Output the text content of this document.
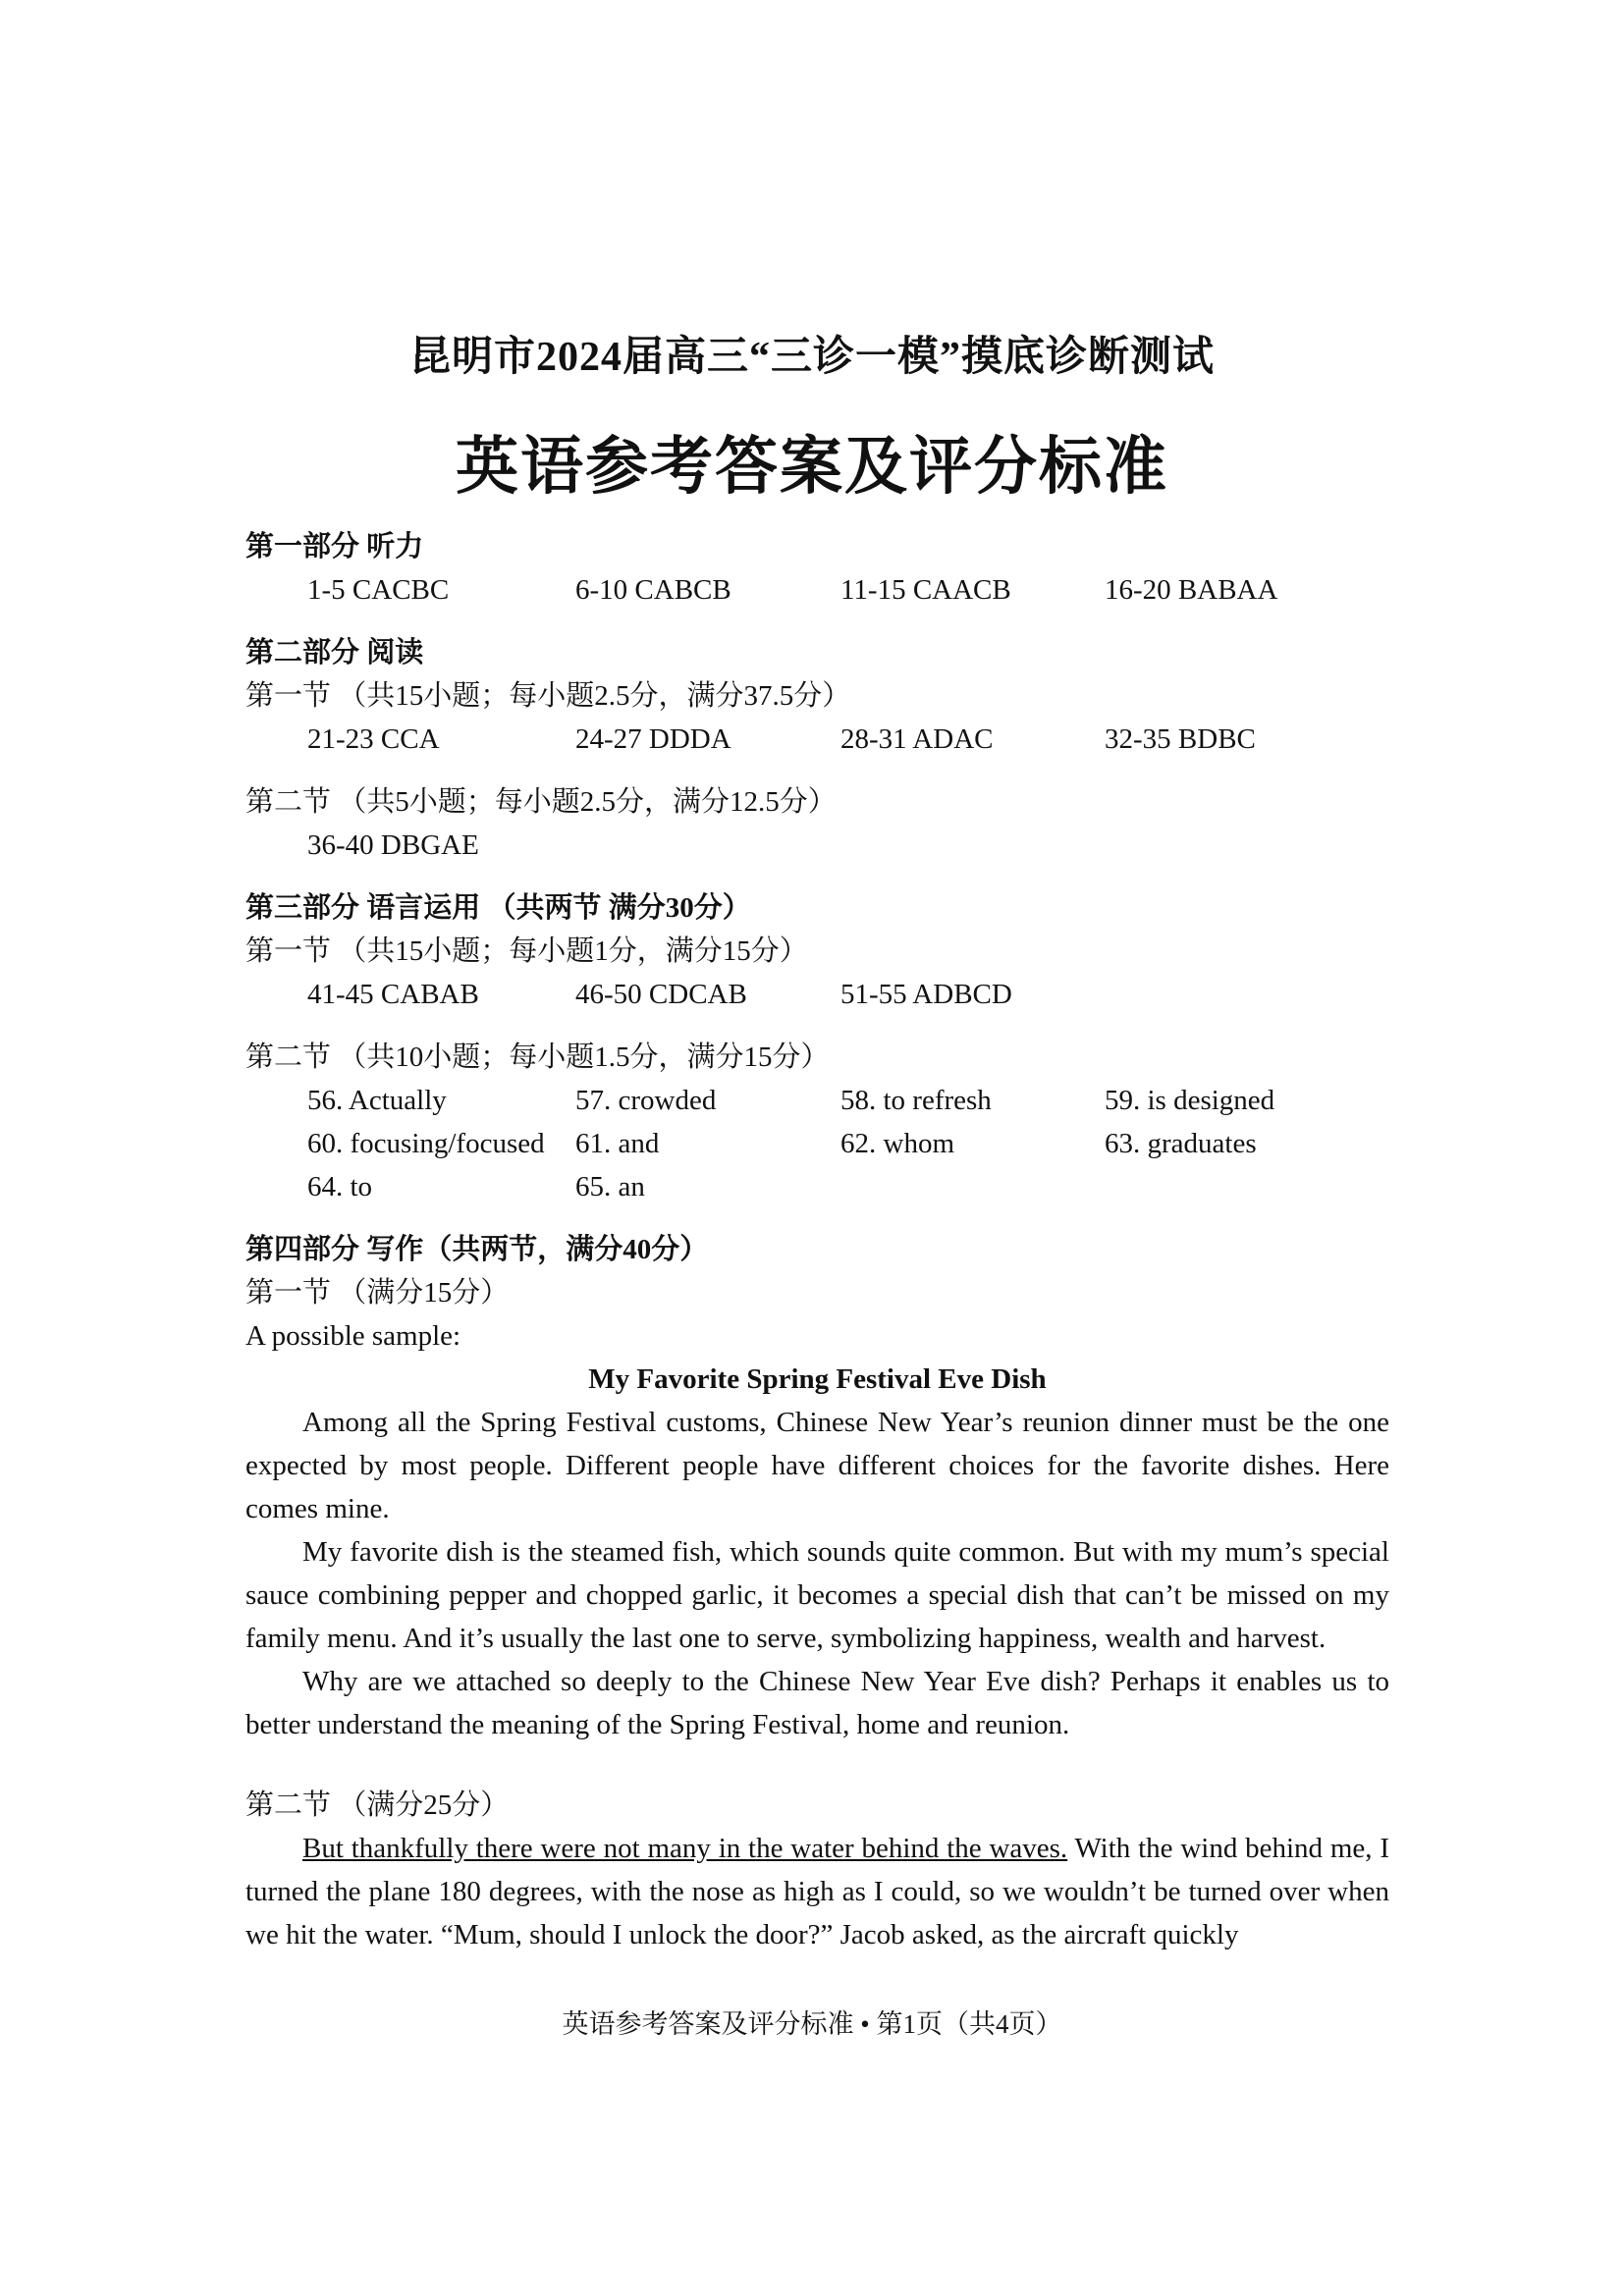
昆明市2024届高三“三诊一模”摸底诊断测试
英语参考答案及评分标准
第一部分 听力
1-5 CACBC	6-10 CABCB	11-15 CAACB	16-20 BABAA
第二部分 阅读
第一节 （共15小题；每小题2.5分，满分37.5分）
21-23 CCA	24-27 DDDA	28-31 ADAC	32-35 BDBC
第二节 （共5小题；每小题2.5分，满分12.5分）
36-40 DBGAE
第三部分 语言运用 （共两节 满分30分）
第一节 （共15小题；每小题1分，满分15分）
41-45 CABAB	46-50 CDCAB	51-55 ADBCD
第二节 （共10小题；每小题1.5分，满分15分）
56. Actually	57. crowded	58. to refresh	59. is designed
60. focusing/focused	61. and	62. whom	63. graduates
64. to	65. an
第四部分 写作（共两节，满分40分）
第一节 （满分15分）
A possible sample:
My Favorite Spring Festival Eve Dish
Among all the Spring Festival customs, Chinese New Year’s reunion dinner must be the one expected by most people. Different people have different choices for the favorite dishes. Here comes mine.
My favorite dish is the steamed fish, which sounds quite common. But with my mum’s special sauce combining pepper and chopped garlic, it becomes a special dish that can’t be missed on my family menu. And it’s usually the last one to serve, symbolizing happiness, wealth and harvest.
Why are we attached so deeply to the Chinese New Year Eve dish? Perhaps it enables us to better understand the meaning of the Spring Festival, home and reunion.
第二节 （满分25分）
But thankfully there were not many in the water behind the waves. With the wind behind me, I turned the plane 180 degrees, with the nose as high as I could, so we wouldn’t be turned over when we hit the water. “Mum, should I unlock the door?” Jacob asked, as the aircraft quickly
英语参考答案及评分标准 • 第1页（共4页）
